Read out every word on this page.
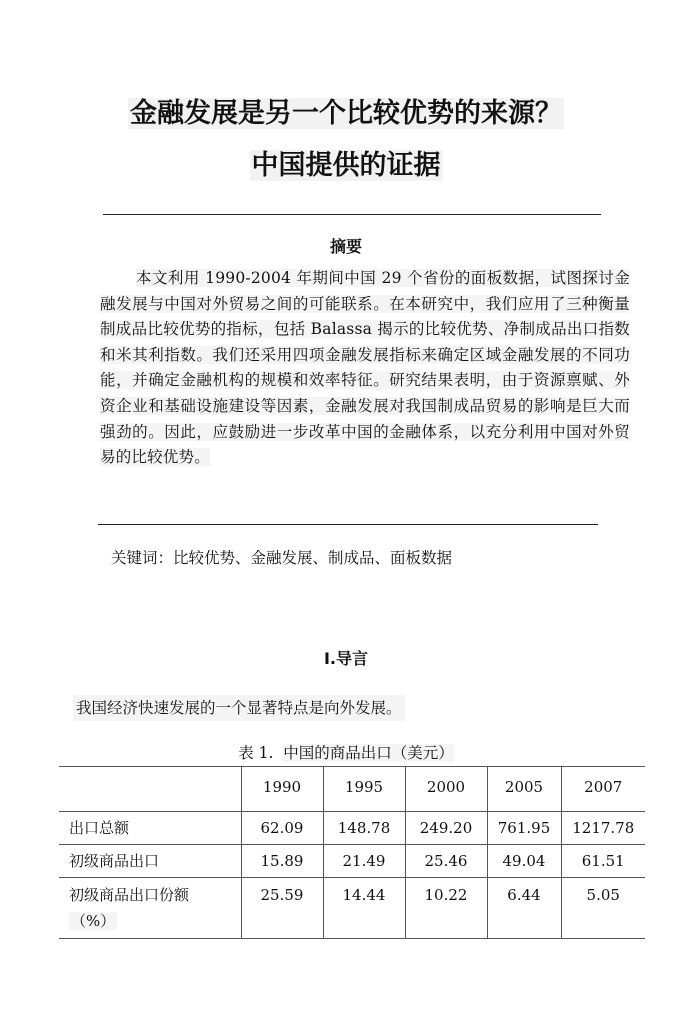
金融发展是另一个比较优势的来源？
中国提供的证据
摘要

本文利用 1990-2004 年期间中国 29 个省份的面板数据，试图探讨金融发展与中国对外贸易之间的可能联系。在本研究中，我们应用了三种衡量制成品比较优势的指标，包括 Balassa 揭示的比较优势、净制成品出口指数和米其利指数。我们还采用四项金融发展指标来确定区域金融发展的不同功能，并确定金融机构的规模和效率特征。研究结果表明，由于资源禀赋、外资企业和基础设施建设等因素，金融发展对我国制成品贸易的影响是巨大而强劲的。因此，应鼓励进一步改革中国的金融体系，以充分利用中国对外贸易的比较优势。

关键词：比较优势、金融发展、制成品、面板数据

I.导言

我国经济快速发展的一个显著特点是向外发展。

表 1. 中国的商品出口（美元）

	1990	1995	2000	2005	2007
出口总额	62.09	148.78	249.20	761.95	1217.78
初级商品出口	15.89	21.49	25.46	49.04	61.51
初级商品出口份额
（%）	25.59	14.44	10.22	6.44	5.05
